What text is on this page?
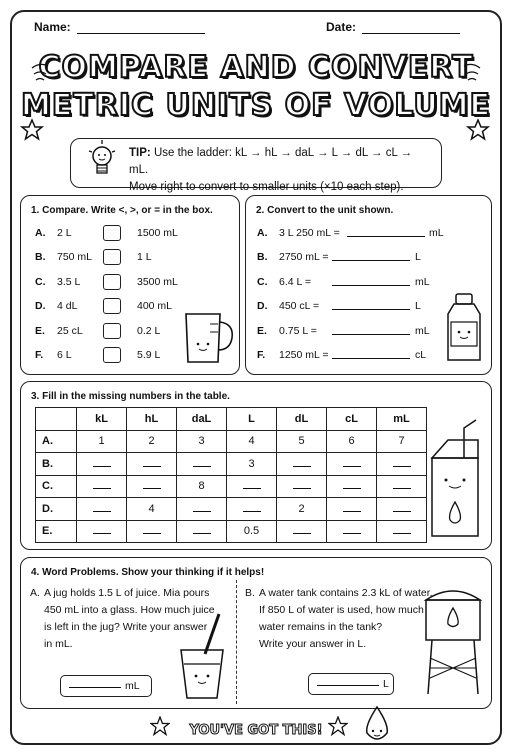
Name:	Date:
COMPARE AND CONVERT
METRIC UNITS OF VOLUME
TIP: Use the ladder: kL → hL → daL → L → dL → cL → mL.
Move right to convert to smaller units (×10 each step).
1. Compare. Write <, >, or = in the box.
A. 2 L	1500 mL
B. 750 mL	1 L
C. 3.5 L	3500 mL
D. 4 dL	400 mL
E. 25 cL	0.2 L
F. 6 L	5.9 L
2. Convert to the unit shown.
A. 3 L 250 mL =	mL
B. 2750 mL =	L
C. 6.4 L =	mL
D. 450 cL =	L
E. 0.75 L =	mL
F. 1250 mL =	cL
3. Fill in the missing numbers in the table.
	kL	hL	daL	L	dL	cL	mL
A.	1	2	3	4	5	6	7
B.				3			
C.			8				
D.		4			2		
E.				0.5			
4. Word Problems. Show your thinking if it helps!
A. A jug holds 1.5 L of juice. Mia pours
450 mL into a glass. How much juice
is left in the jug? Write your answer
in mL.
mL
B. A water tank contains 2.3 kL of water.
If 850 L of water is used, how much
water remains in the tank?
Write your answer in L.
L
YOU'VE GOT THIS!
